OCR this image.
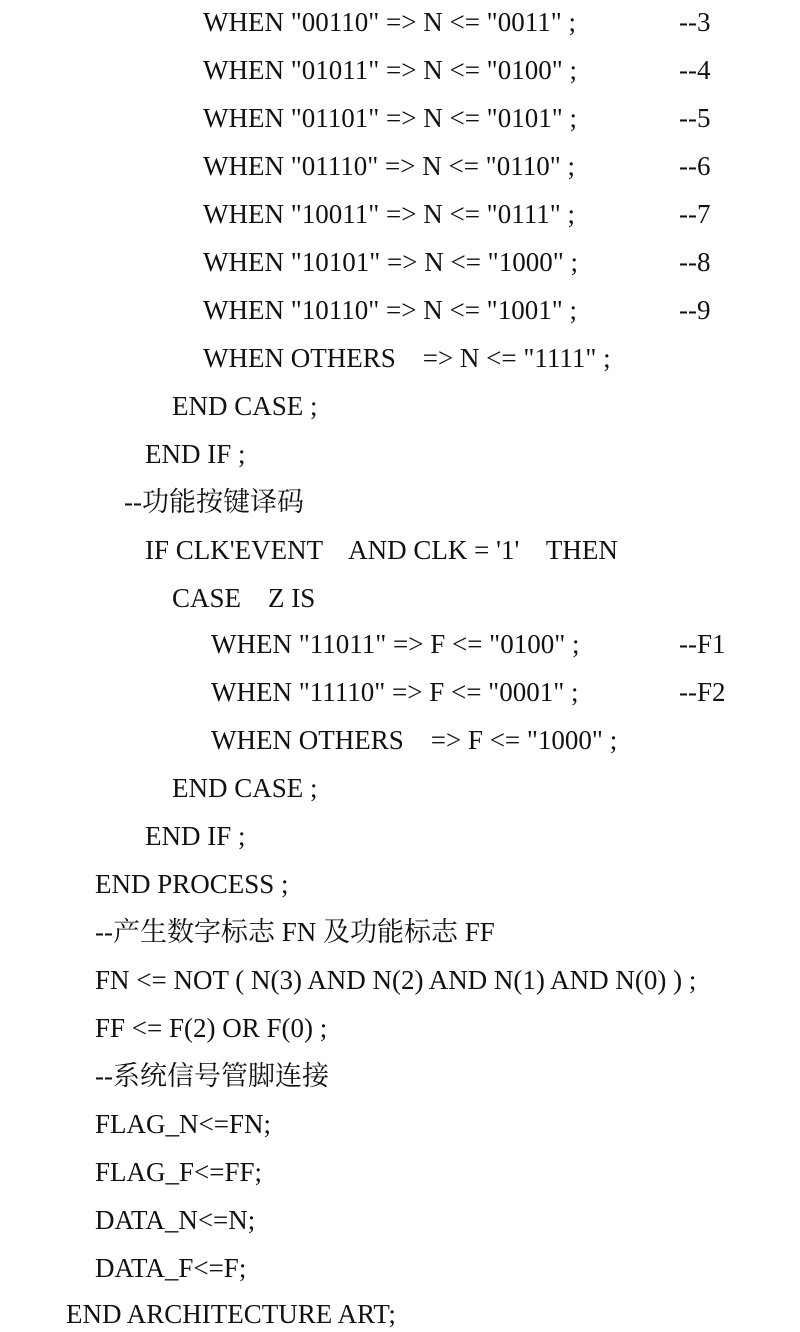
WHEN "00110" => N <= "0011" ;	--3
WHEN "01011" => N <= "0100" ;	--4
WHEN "01101" => N <= "0101" ;	--5
WHEN "01110" => N <= "0110" ;	--6
WHEN "10011" => N <= "0111" ;	--7
WHEN "10101" => N <= "1000" ;	--8
WHEN "10110" => N <= "1001" ;	--9
WHEN OTHERS    => N <= "1111" ;
END CASE ;
END IF ;
--功能按键译码
IF CLK'EVENT    AND CLK = '1'    THEN
CASE    Z IS
WHEN "11011" => F <= "0100" ;	--F1
WHEN "11110" => F <= "0001" ;	--F2
WHEN OTHERS    => F <= "1000" ;
END CASE ;
END IF ;
END PROCESS ;
--产生数字标志 FN 及功能标志 FF
FN <= NOT ( N(3) AND N(2) AND N(1) AND N(0) ) ;
FF <= F(2) OR F(0) ;
--系统信号管脚连接
FLAG_N<=FN;
FLAG_F<=FF;
DATA_N<=N;
DATA_F<=F;
END ARCHITECTURE ART;
